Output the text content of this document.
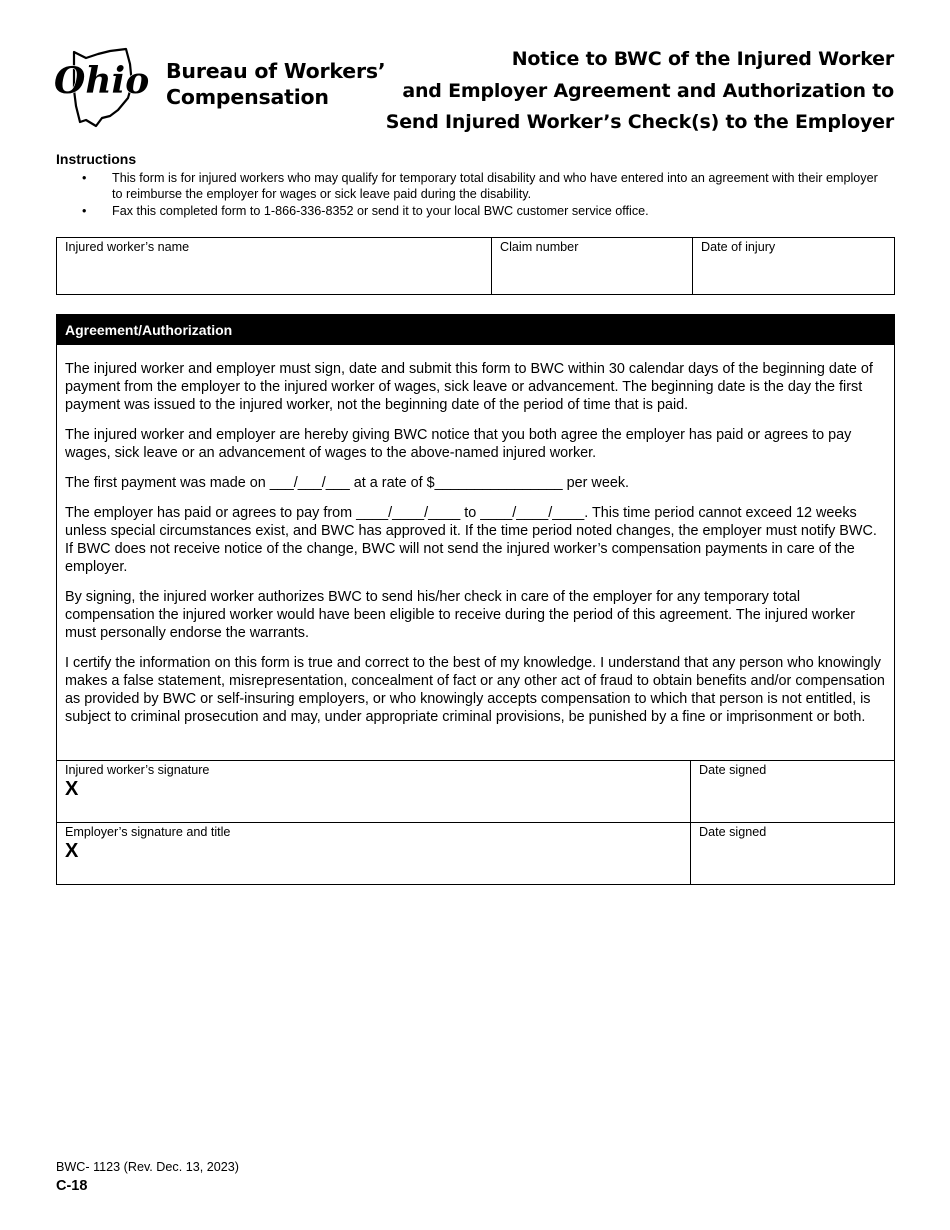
Ohio Bureau of Workers’
Compensation
Notice to BWC of the Injured Worker
and Employer Agreement and Authorization to
Send Injured Worker’s Check(s) to the Employer
Instructions
• This form is for injured workers who may qualify for temporary total disability and who have entered into an agreement with their employer to reimburse the employer for wages or sick leave paid during the disability.
• Fax this completed form to 1-866-336-8352 or send it to your local BWC customer service office.
Injured worker’s name	Claim number	Date of injury
Agreement/Authorization

The injured worker and employer must sign, date and submit this form to BWC within 30 calendar days of the beginning date of payment from the employer to the injured worker of wages, sick leave or advancement. The beginning date is the day the first payment was issued to the injured worker, not the beginning date of the period of time that is paid.

The injured worker and employer are hereby giving BWC notice that you both agree the employer has paid or agrees to pay wages, sick leave or an advancement of wages to the above-named injured worker.

The first payment was made on ___/___/___ at a rate of $________________ per week.

The employer has paid or agrees to pay from ____/____/____ to ____/____/____. This time period cannot exceed 12 weeks unless special circumstances exist, and BWC has approved it. If the time period noted changes, the employer must notify BWC. If BWC does not receive notice of the change, BWC will not send the injured worker’s compensation payments in care of the employer.

By signing, the injured worker authorizes BWC to send his/her check in care of the employer for any temporary total compensation the injured worker would have been eligible to receive during the period of this agreement. The injured worker must personally endorse the warrants.

I certify the information on this form is true and correct to the best of my knowledge. I understand that any person who knowingly makes a false statement, misrepresentation, concealment of fact or any other act of fraud to obtain benefits and/or compensation as provided by BWC or self-insuring employers, or who knowingly accepts compensation to which that person is not entitled, is subject to criminal prosecution and may, under appropriate criminal provisions, be punished by a fine or imprisonment or both.

Injured worker’s signature
X
Date signed
Employer’s signature and title
X
Date signed
BWC- 1123 (Rev. Dec. 13, 2023)
C-18
